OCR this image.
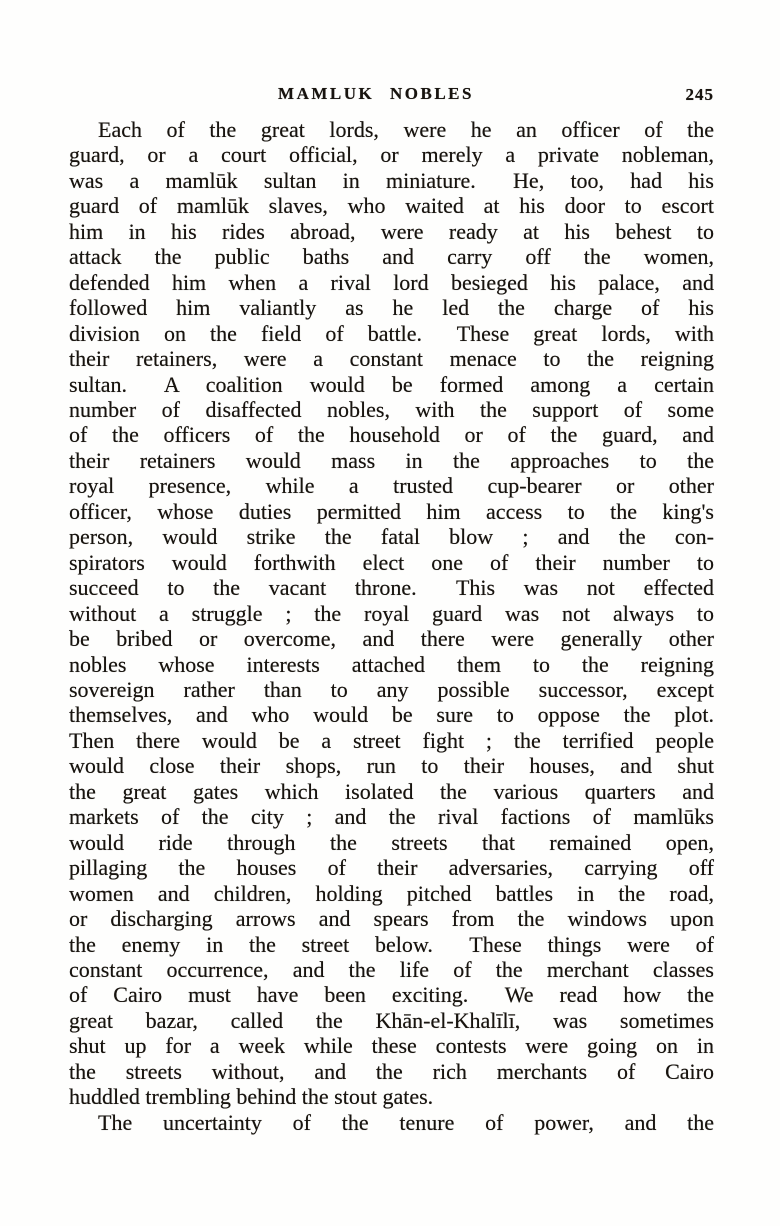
MAMLUK NOBLES	245
Each of the great lords, were he an officer of the
guard, or a court official, or merely a private nobleman,
was a mamlūk sultan in miniature.  He, too, had his
guard of mamlūk slaves, who waited at his door to escort
him in his rides abroad, were ready at his behest to
attack the public baths and carry off the women,
defended him when a rival lord besieged his palace, and
followed him valiantly as he led the charge of his
division on the field of battle.  These great lords, with
their retainers, were a constant menace to the reigning
sultan.  A coalition would be formed among a certain
number of disaffected nobles, with the support of some
of the officers of the household or of the guard, and
their retainers would mass in the approaches to the
royal presence, while a trusted cup-bearer or other
officer, whose duties permitted him access to the king's
person, would strike the fatal blow ; and the con-
spirators would forthwith elect one of their number to
succeed to the vacant throne.  This was not effected
without a struggle ; the royal guard was not always to
be bribed or overcome, and there were generally other
nobles whose interests attached them to the reigning
sovereign rather than to any possible successor, except
themselves, and who would be sure to oppose the plot.
Then there would be a street fight ; the terrified people
would close their shops, run to their houses, and shut
the great gates which isolated the various quarters and
markets of the city ; and the rival factions of mamlūks
would ride through the streets that remained open,
pillaging the houses of their adversaries, carrying off
women and children, holding pitched battles in the road,
or discharging arrows and spears from the windows upon
the enemy in the street below.  These things were of
constant occurrence, and the life of the merchant classes
of Cairo must have been exciting.  We read how the
great bazar, called the Khān-el-Khalīlī, was sometimes
shut up for a week while these contests were going on in
the streets without, and the rich merchants of Cairo
huddled trembling behind the stout gates.
The uncertainty of the tenure of power, and the
